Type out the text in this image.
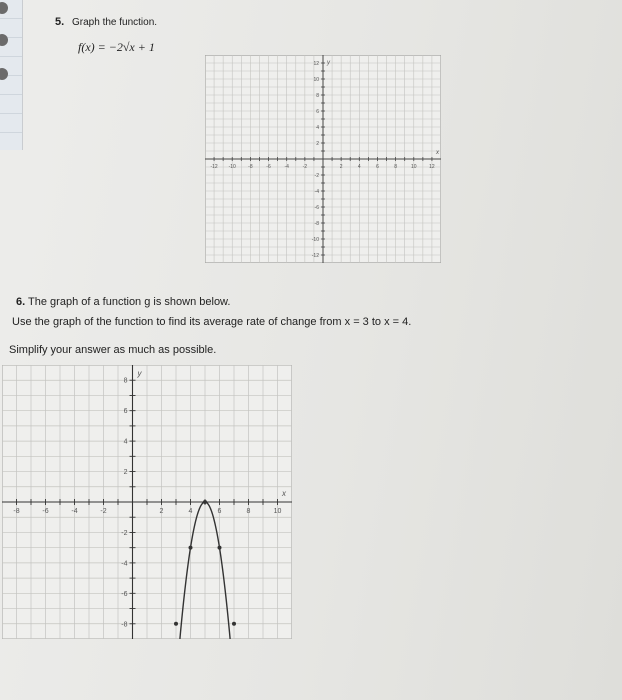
5. Graph the function.
f(x) = −2√x + 1
-12 -10 -8	-6	-4	-2	2	4	6	8	10	12
12
10
8
6
4
2
-2
-4
-6
-8
-10
-12
x
y
6. The graph of a function g is shown below.
Use the graph of the function to find its average rate of change from x = 3 to x = 4.
Simplify your answer as much as possible.
-8	-6	-4	-2	2	4	6	8	10
8
6
4
2
-2
-4
-6
-8
x
y
